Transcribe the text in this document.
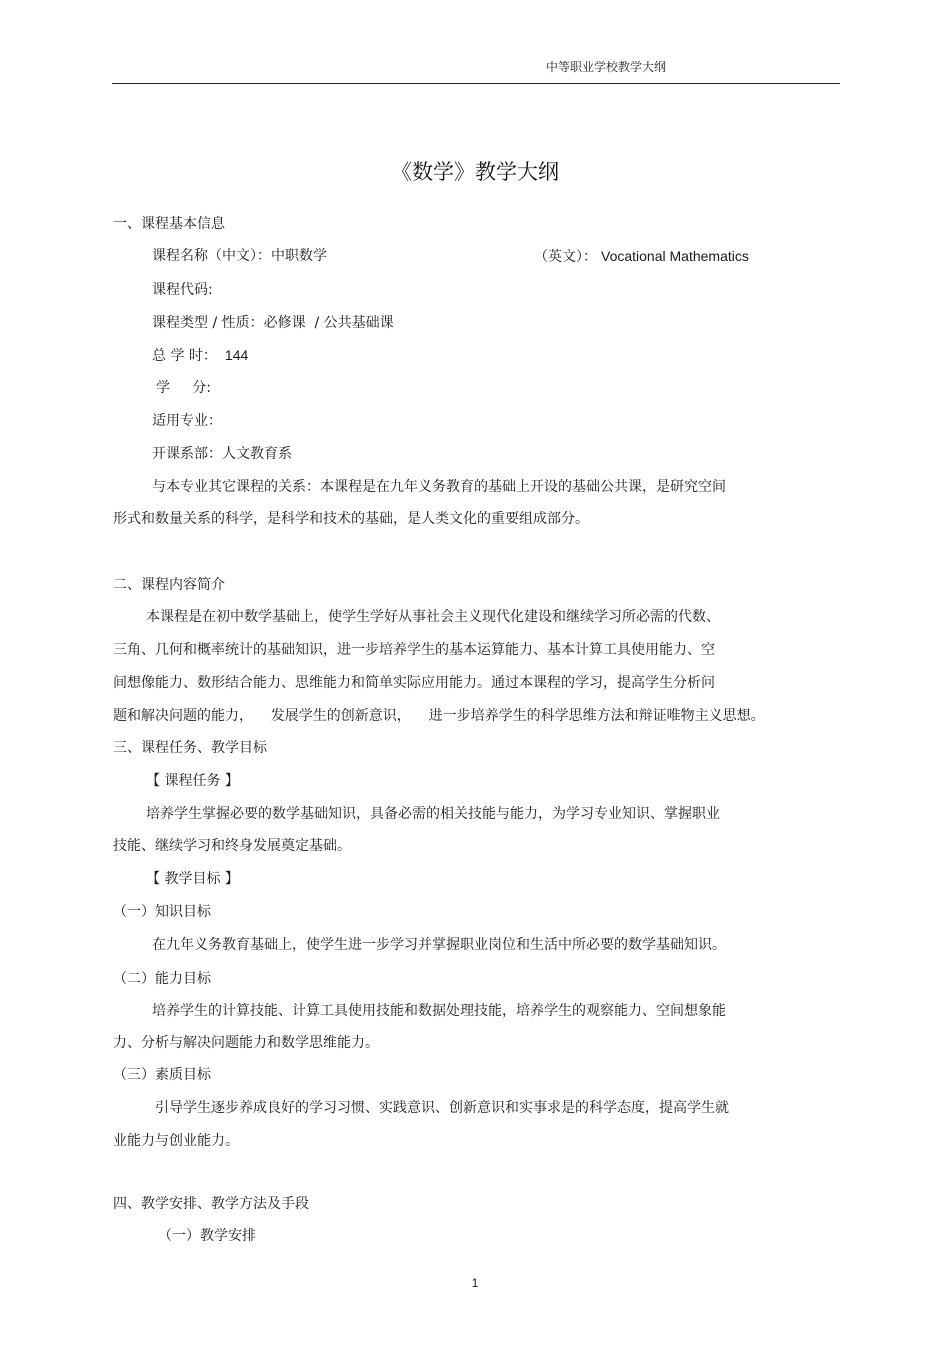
中等职业学校教学大纲
《数学》教学大纲
一、课程基本信息
课程名称（中文）：中职数学	（英文）： Vocational Mathematics
课程代码:
课程类型 / 性质：必修课  / 公共基础课
总 学 时： 144
学     分:
适用专业：
开课系部：人文教育系
与本专业其它课程的关系：本课程是在九年义务教育的基础上开设的基础公共课，是研究空间
形式和数量关系的科学，是科学和技术的基础，是人类文化的重要组成部分。
二、课程内容简介
本课程是在初中数学基础上，使学生学好从事社会主义现代化建设和继续学习所必需的代数、
三角、几何和概率统计的基础知识，进一步培养学生的基本运算能力、基本计算工具使用能力、空
间想像能力、数形结合能力、思维能力和简单实际应用能力。通过本课程的学习，提高学生分析问
题和解决问题的能力，    发展学生的创新意识，    进一步培养学生的科学思维方法和辩证唯物主义思想。
三、课程任务、教学目标
【 课程任务 】
培养学生掌握必要的数学基础知识，具备必需的相关技能与能力，为学习专业知识、掌握职业
技能、继续学习和终身发展奠定基础。
【 教学目标 】
（一）知识目标
在九年义务教育基础上，使学生进一步学习并掌握职业岗位和生活中所必要的数学基础知识。
（二）能力目标
培养学生的计算技能、计算工具使用技能和数据处理技能，培养学生的观察能力、空间想象能
力、分析与解决问题能力和数学思维能力。
（三）素质目标
引导学生逐步养成良好的学习习惯、实践意识、创新意识和实事求是的科学态度，提高学生就
业能力与创业能力。
四、教学安排、教学方法及手段
（一）教学安排
1
